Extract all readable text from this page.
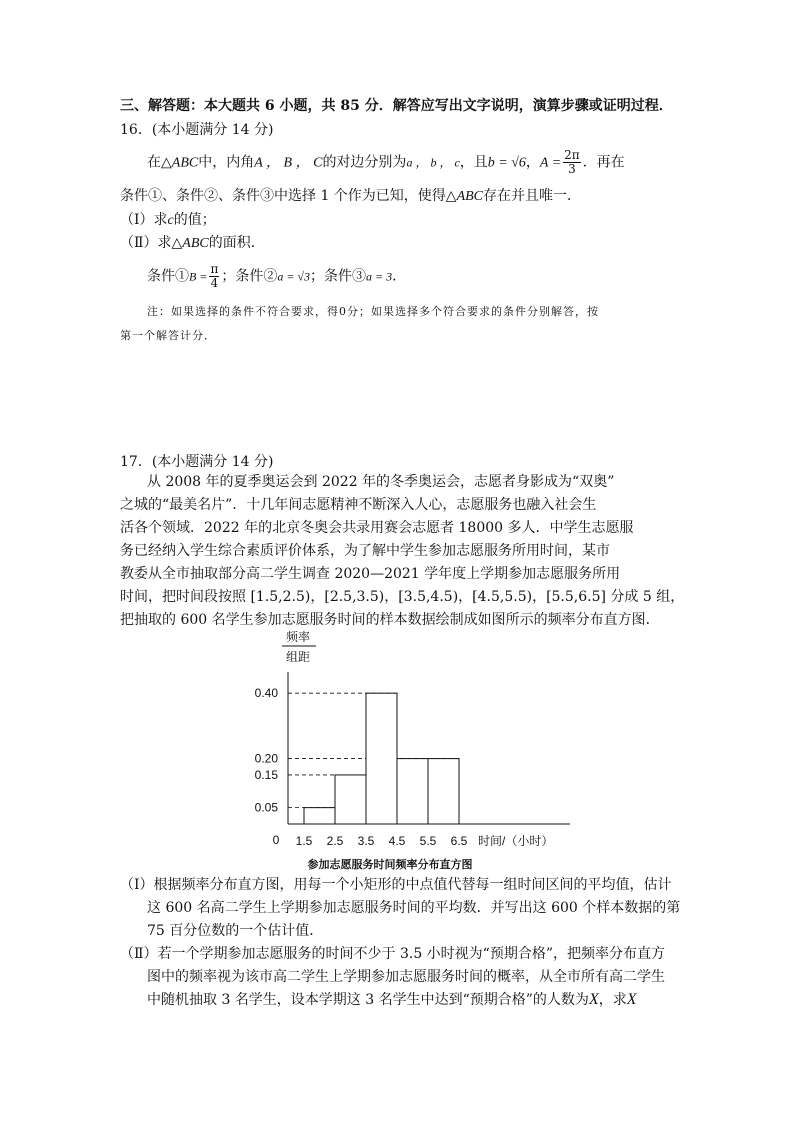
三、解答题：本大题共 6 小题，共 85 分．解答应写出文字说明，演算步骤或证明过程．
16．(本小题满分 14 分)
在△ABC中，内角A ， B ， C的对边分别为a ， b ， c，且b = √6，$A = \frac{2\pi}{3}$ ．再在
条件①、条件②、条件③中选择 1 个作为已知，使得△ABC存在并且唯一．
（Ⅰ）求c的值；
（Ⅱ）求△ABC的面积．
条件①B = $\frac{\pi}{4}$ ；条件②a = √3；条件③a = 3．
注：如果选择的条件不符合要求，得0分；如果选择多个符合要求的条件分别解答，按
第一个解答计分．
17．(本小题满分 14 分)
从 2008 年的夏季奥运会到 2022 年的冬季奥运会，志愿者身影成为“双奥”
之城的“最美名片”．十几年间志愿精神不断深入人心，志愿服务也融入社会生
活各个领域．2022 年的北京冬奥会共录用赛会志愿者 18000 多人．中学生志愿服
务已经纳入学生综合素质评价体系，为了解中学生参加志愿服务所用时间，某市
教委从全市抽取部分高二学生调查 2020—2021 学年度上学期参加志愿服务所用
时间，把时间段按照 [1.5,2.5)，[2.5,3.5)，[3.5,4.5)，[4.5,5.5)，[5.5,6.5] 分成 5 组，
把抽取的 600 名学生参加志愿服务时间的样本数据绘制成如图所示的频率分布直方图．
频率
组距
0	时间/（小时）
参加志愿服务时间频率分布直方图
0.05
0.15
0.20
0.40
1.5 2.5 3.5 4.5 5.5 6.5
（Ⅰ）根据频率分布直方图，用每一个小矩形的中点值代替每一组时间区间的平均值，估计
这 600 名高二学生上学期参加志愿服务时间的平均数．并写出这 600 个样本数据的第
75 百分位数的一个估计值．
（Ⅱ）若一个学期参加志愿服务的时间不少于 3.5 小时视为“预期合格”，把频率分布直方
图中的频率视为该市高二学生上学期参加志愿服务时间的概率，从全市所有高二学生
中随机抽取 3 名学生，设本学期这 3 名学生中达到“预期合格”的人数为X，求X
